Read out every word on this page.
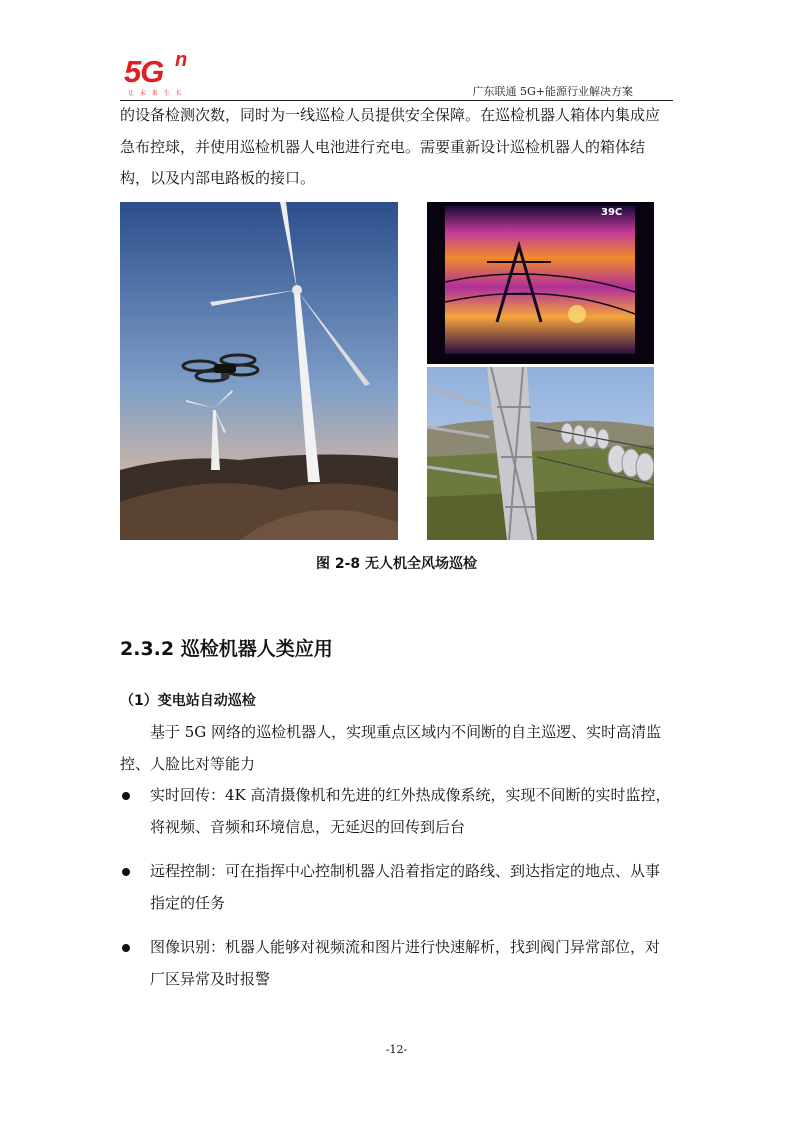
5G n
让 未 来 生 长	广东联通 5G+能源行业解决方案

的设备检测次数，同时为一线巡检人员提供安全保障。在巡检机器人箱体内集成应急布控球，并使用巡检机器人电池进行充电。需要重新设计巡检机器人的箱体结构，以及内部电路板的接口。

39C
图 2-8 无人机全风场巡检
2.3.2 巡检机器人类应用
（1）变电站自动巡检

基于 5G 网络的巡检机器人，实现重点区域内不间断的自主巡逻、实时高清监控、人脸比对等能力

实时回传：4K 高清摄像机和先进的红外热成像系统，实现不间断的实时监控，将视频、音频和环境信息，无延迟的回传到后台

远程控制：可在指挥中心控制机器人沿着指定的路线、到达指定的地点、从事指定的任务

图像识别：机器人能够对视频流和图片进行快速解析，找到阀门异常部位，对厂区异常及时报警

-12-
